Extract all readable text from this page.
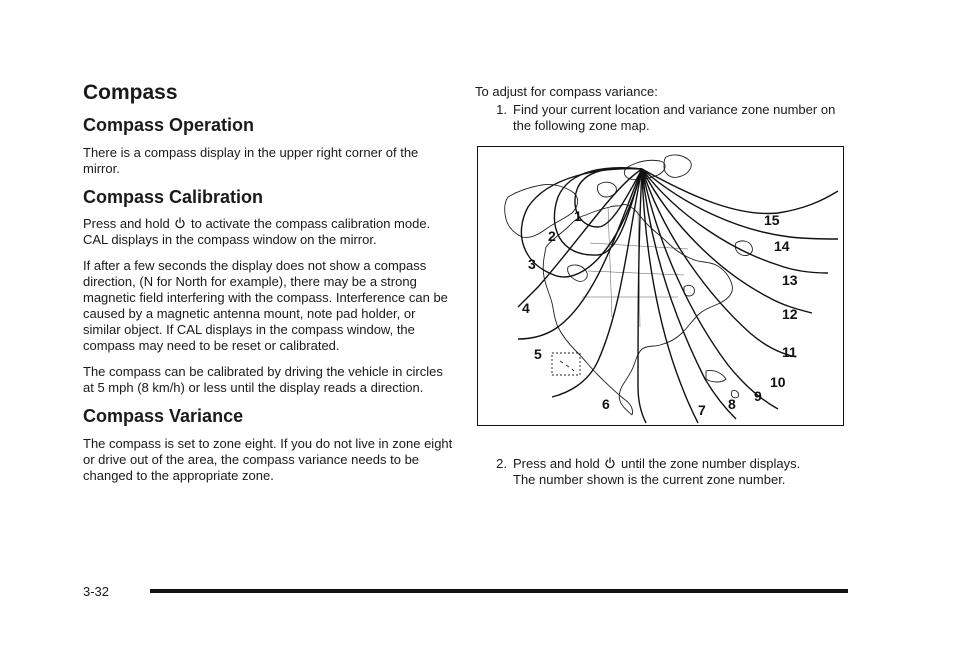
Compass
Compass Operation

There is a compass display in the upper right corner of the mirror.

Compass Calibration

Press and hold to activate the compass calibration mode. CAL displays in the compass window on the mirror.

If after a few seconds the display does not show a compass direction, (N for North for example), there may be a strong magnetic field interfering with the compass. Interference can be caused by a magnetic antenna mount, note pad holder, or similar object. If CAL displays in the compass window, the compass may need to be reset or calibrated.

The compass can be calibrated by driving the vehicle in circles at 5 mph (8 km/h) or less until the display reads a direction.

Compass Variance

The compass is set to zone eight. If you do not live in zone eight or drive out of the area, the compass variance needs to be changed to the appropriate zone.

To adjust for compass variance:

1. Find your current location and variance zone number on the following zone map.
1
2
3
4
5
6	7 8 9
10
11
12
13
14
15
2. Press and hold until the zone number displays.
The number shown is the current zone number.
3-32
